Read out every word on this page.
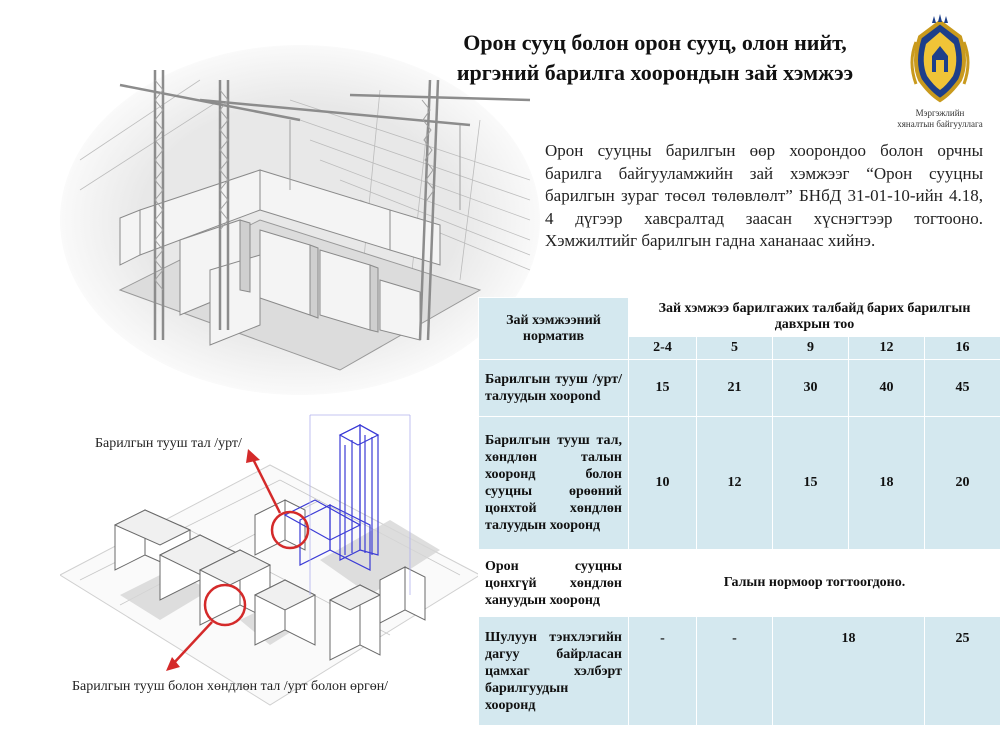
Орон сууц болон орон сууц, олон нийт,
иргэний барилга хоорондын зай хэмжээ
Мэргэжлийн
хяналтын байгууллага
Барилгын тууш тал /урт/
Барилгын тууш болон хөндлөн тал /урт болон өргөн/
Орон сууцны барилгын өөр хоорондоо болон орчны барилга байгууламжийн зай хэмжээг “Орон сууцны барилгын зураг төсөл төлөвлөлт” БНбД 31-01-10-ийн 4.18, 4 дүгээр хавсралтад заасан хүснэгтээр тогтооно. Хэмжилтийг барилгын гадна хананаас хийнэ.
Зай хэмжээний норматив	Зай хэмжээ барилгажих талбайд барих барилгын давхрын тоо				
	2-4	5	9	12	16
Барилгын тууш /урт/ талуудын хоорond	15	21	30	40	45
Барилгын тууш тал, хөндлөн талын хооронд болон сууцны өрөөний цонхтой хөндлөн талуудын хооронд	10	12	15	18	20
Орон сууцны цонхгүй хөндлөн хануудын хооронд	Галын нормоор тогтоогдоно.				
Шулуун тэнхлэгийн дагуу байрласан цамхаг хэлбэрт барилгуудын хооронд	-	-	18		25
